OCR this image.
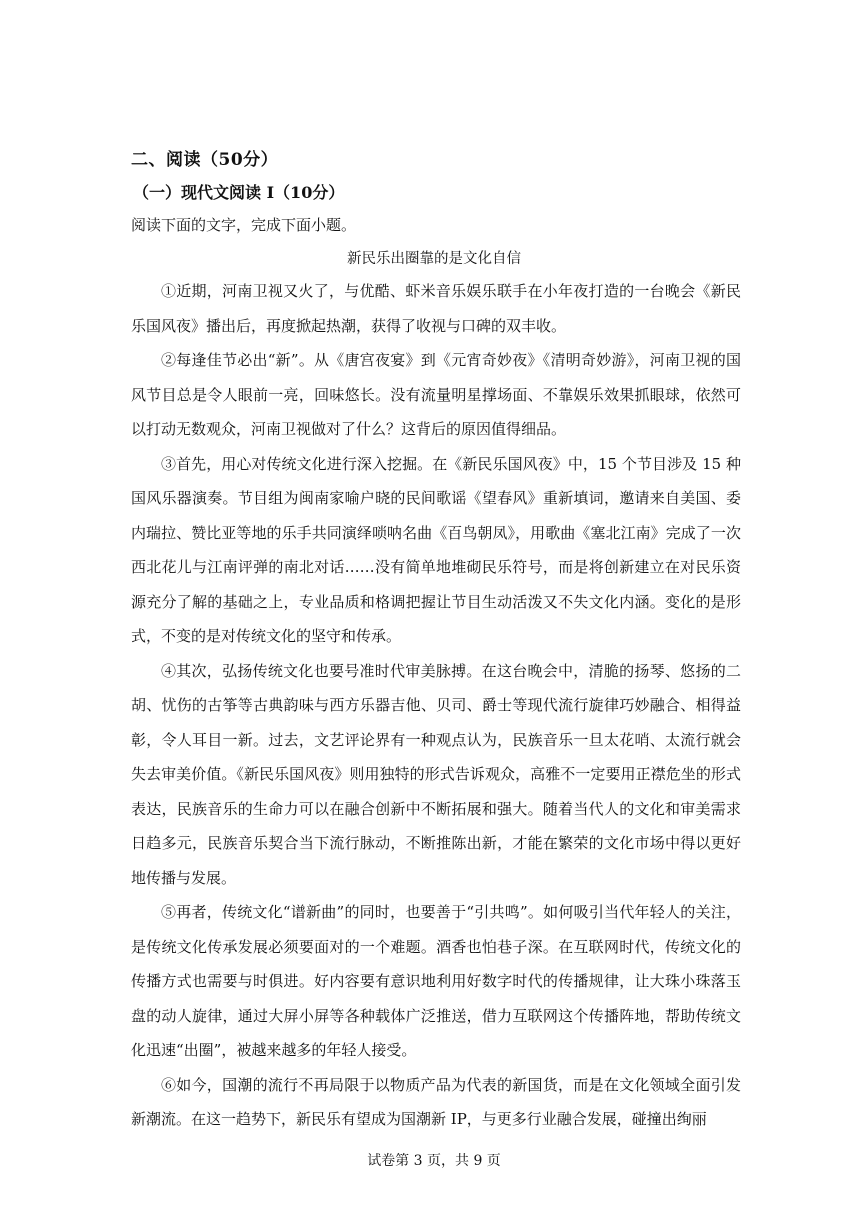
二、阅读（50分）
（一）现代文阅读 I（10分）
阅读下面的文字，完成下面小题。
新民乐出圈靠的是文化自信

①近期，河南卫视又火了，与优酷、虾米音乐娱乐联手在小年夜打造的一台晚会《新民乐国风夜》播出后，再度掀起热潮，获得了收视与口碑的双丰收。

②每逢佳节必出“新”。从《唐宫夜宴》到《元宵奇妙夜》《清明奇妙游》，河南卫视的国风节目总是令人眼前一亮，回味悠长。没有流量明星撑场面、不靠娱乐效果抓眼球，依然可以打动无数观众，河南卫视做对了什么？这背后的原因值得细品。

③首先，用心对传统文化进行深入挖掘。在《新民乐国风夜》中，15 个节目涉及 15 种国风乐器演奏。节目组为闽南家喻户晓的民间歌谣《望春风》重新填词，邀请来自美国、委内瑞拉、赞比亚等地的乐手共同演绎唢呐名曲《百鸟朝凤》，用歌曲《塞北江南》完成了一次西北花儿与江南评弹的南北对话……没有简单地堆砌民乐符号，而是将创新建立在对民乐资源充分了解的基础之上，专业品质和格调把握让节目生动活泼又不失文化内涵。变化的是形式，不变的是对传统文化的坚守和传承。

④其次，弘扬传统文化也要号准时代审美脉搏。在这台晚会中，清脆的扬琴、悠扬的二胡、忧伤的古筝等古典韵味与西方乐器吉他、贝司、爵士等现代流行旋律巧妙融合、相得益彰，令人耳目一新。过去，文艺评论界有一种观点认为，民族音乐一旦太花哨、太流行就会失去审美价值。《新民乐国风夜》则用独特的形式告诉观众，高雅不一定要用正襟危坐的形式表达，民族音乐的生命力可以在融合创新中不断拓展和强大。随着当代人的文化和审美需求日趋多元，民族音乐契合当下流行脉动，不断推陈出新，才能在繁荣的文化市场中得以更好地传播与发展。

⑤再者，传统文化“谱新曲”的同时，也要善于“引共鸣”。如何吸引当代年轻人的关注，是传统文化传承发展必须要面对的一个难题。酒香也怕巷子深。在互联网时代，传统文化的传播方式也需要与时俱进。好内容要有意识地利用好数字时代的传播规律，让大珠小珠落玉盘的动人旋律，通过大屏小屏等各种载体广泛推送，借力互联网这个传播阵地，帮助传统文化迅速“出圈”，被越来越多的年轻人接受。

⑥如今，国潮的流行不再局限于以物质产品为代表的新国货，而是在文化领域全面引发新潮流。在这一趋势下，新民乐有望成为国潮新 IP，与更多行业融合发展，碰撞出绚丽

试卷第 3 页，共 9 页
